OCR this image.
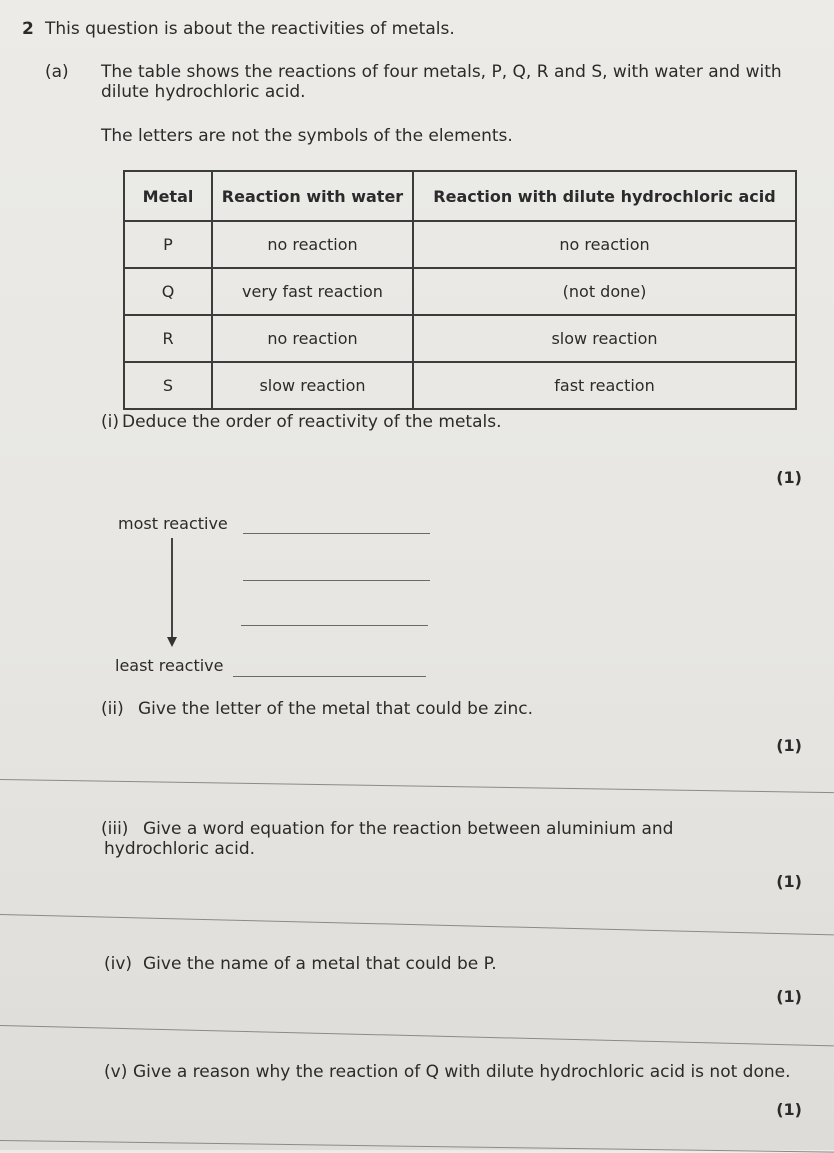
2 This question is about the reactivities of metals.
(a) The table shows the reactions of four metals, P, Q, R and S, with water and with
dilute hydrochloric acid.
The letters are not the symbols of the elements.
Metal	Reaction with water	Reaction with dilute hydrochloric acid
P	no reaction	no reaction
Q	very fast reaction	(not done)
R	no reaction	slow reaction
S	slow reaction	fast reaction
(i) Deduce the order of reactivity of the metals.
(1)
most reactive
least reactive
(ii) Give the letter of the metal that could be zinc.
(1)
(iii) Give a word equation for the reaction between aluminium and
hydrochloric acid.
(1)
(iv) Give the name of a metal that could be P.
(1)
(v) Give a reason why the reaction of Q with dilute hydrochloric acid is not done.
(1)
